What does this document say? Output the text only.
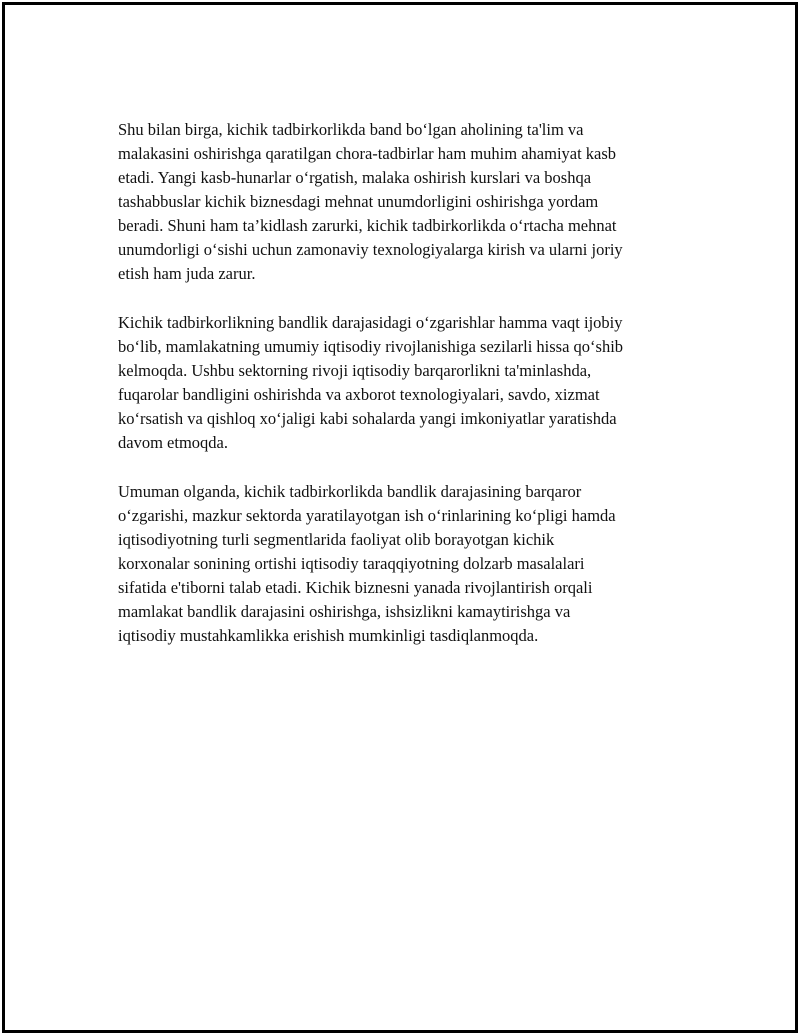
Shu bilan birga, kichik tadbirkorlikda band bo‘lgan aholining ta'lim va
malakasini oshirishga qaratilgan chora-tadbirlar ham muhim ahamiyat kasb
etadi. Yangi kasb-hunarlar o‘rgatish, malaka oshirish kurslari va boshqa
tashabbuslar kichik biznesdagi mehnat unumdorligini oshirishga yordam
beradi. Shuni ham ta’kidlash zarurki, kichik tadbirkorlikda o‘rtacha mehnat
unumdorligi o‘sishi uchun zamonaviy texnologiyalarga kirish va ularni joriy
etish ham juda zarur.

Kichik tadbirkorlikning bandlik darajasidagi o‘zgarishlar hamma vaqt ijobiy
bo‘lib, mamlakatning umumiy iqtisodiy rivojlanishiga sezilarli hissa qo‘shib
kelmoqda. Ushbu sektorning rivoji iqtisodiy barqarorlikni ta'minlashda,
fuqarolar bandligini oshirishda va axborot texnologiyalari, savdo, xizmat
ko‘rsatish va qishloq xo‘jaligi kabi sohalarda yangi imkoniyatlar yaratishda
davom etmoqda.

Umuman olganda, kichik tadbirkorlikda bandlik darajasining barqaror
o‘zgarishi, mazkur sektorda yaratilayotgan ish o‘rinlarining ko‘pligi hamda
iqtisodiyotning turli segmentlarida faoliyat olib borayotgan kichik
korxonalar sonining ortishi iqtisodiy taraqqiyotning dolzarb masalalari
sifatida e'tiborni talab etadi. Kichik biznesni yanada rivojlantirish orqali
mamlakat bandlik darajasini oshirishga, ishsizlikni kamaytirishga va
iqtisodiy mustahkamlikka erishish mumkinligi tasdiqlanmoqda.
